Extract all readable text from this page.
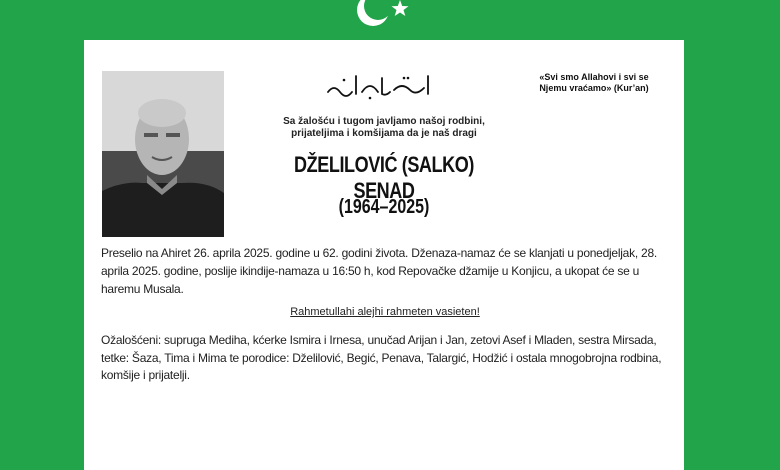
«Svi smo Allahovi i svi se
Njemu vraćamo» (Kur’an)
Sa žalošću i tugom javljamo našoj rodbini,
prijateljima i komšijama da je naš dragi
DŽELILOVIĆ (SALKO) SENAD
(1964–2025)
Preselio na Ahiret 26. aprila 2025. godine u 62. godini života. Dženaza-namaz će se klanjati u ponedjeljak, 28. aprila 2025. godine, poslije ikindije-namaza u 16:50 h, kod Repovačke džamije u Konjicu, a ukopat će se u haremu Musala.
Rahmetullahi alejhi rahmeten vasieten!
Ožalošćeni: supruga Mediha, kćerke Ismira i Irnesa, unučad Arijan i Jan, zetovi Asef i Mladen, sestra Mirsada, tetke: Šaza, Tima i Mima te porodice: Dželilović, Begić, Penava, Talargić, Hodžić i ostala mnogobrojna rodbina, komšije i prijatelji.
